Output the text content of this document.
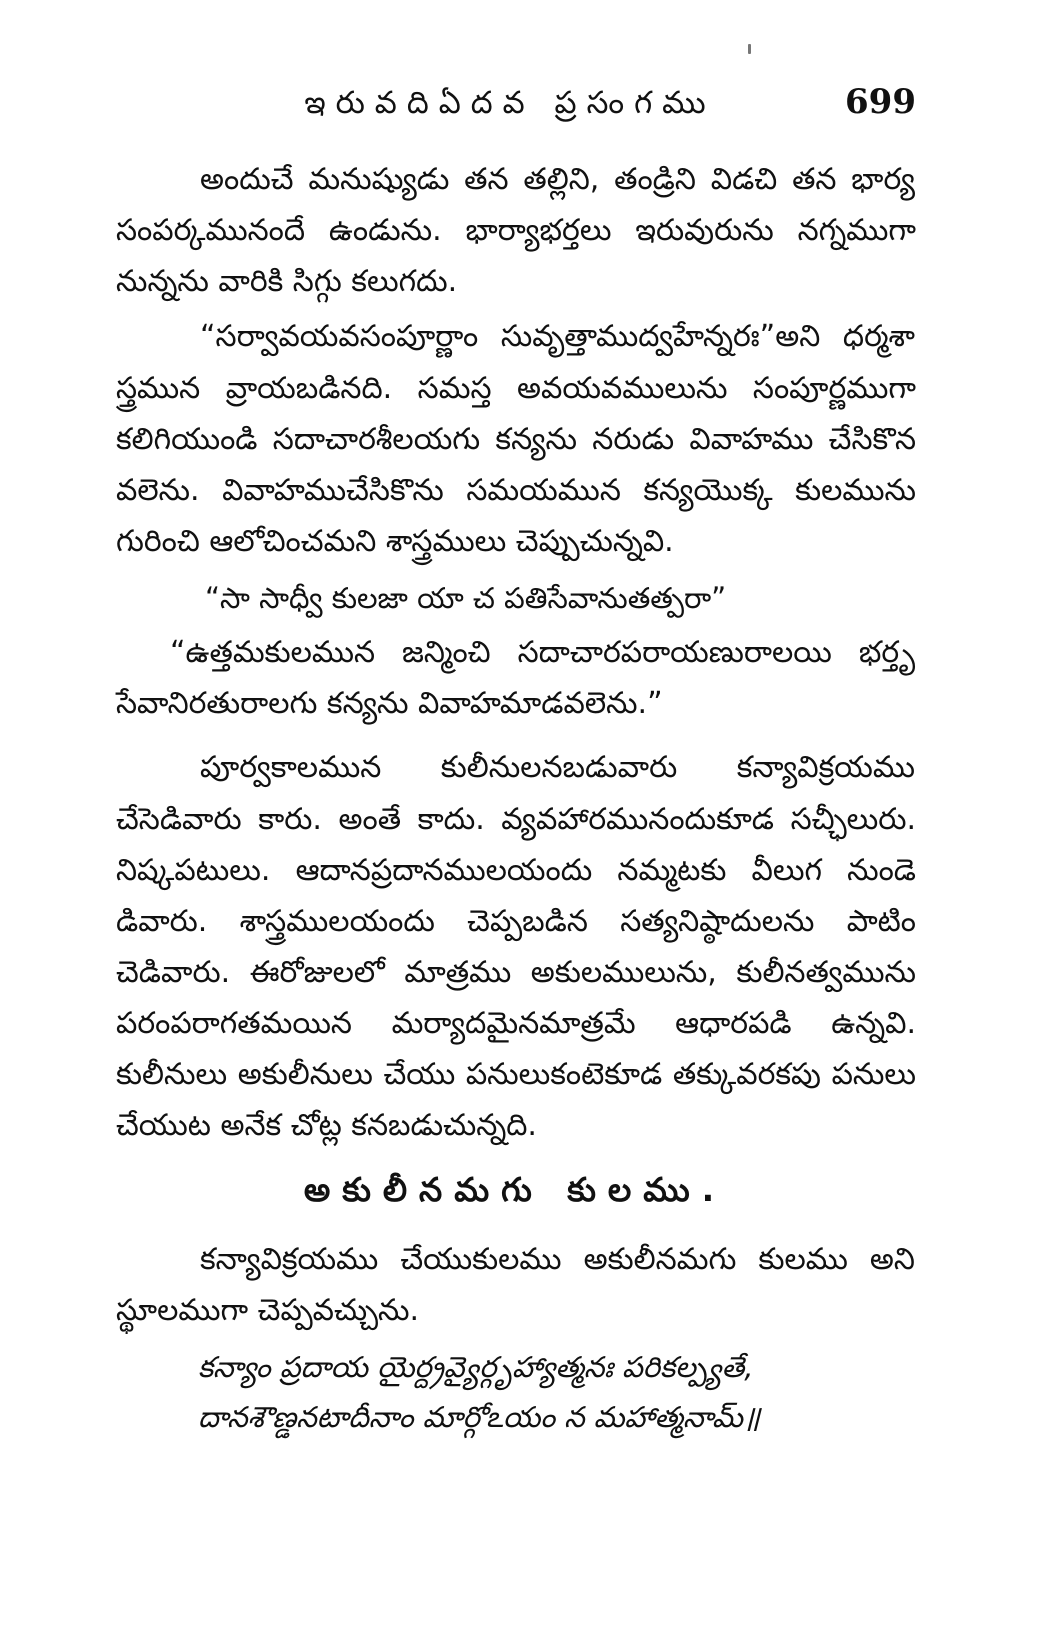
ఇరువదిఏదవ ప్రసంగము	699
అందుచే మనుష్యుడు తన తల్లిని, తండ్రిని విడచి తన భార్య
సంపర్కమునందే ఉండును. భార్యాభర్తలు ఇరువురును నగ్నముగా
నున్నను వారికి సిగ్గు కలుగదు.
“సర్వావయవసంపూర్ణాం సువృత్తాముద్వహేన్నరః”అని ధర్మశా
స్త్రమున వ్రాయబడినది. సమస్త అవయవములును సంపూర్ణముగా
కలిగియుండి సదాచారశీలయగు కన్యను నరుడు వివాహము చేసికొన
వలెను. వివాహముచేసికొను సమయమున కన్యయొక్క కులమును
గురించి ఆలోచించమని శాస్త్రములు చెప్పుచున్నవి.
“సా సాధ్వీ కులజా యా చ పతిసేవానుతత్పరా”
“ఉత్తమకులమున జన్మించి సదాచారపరాయణురాలయి భర్తృ
సేవానిరతురాలగు కన్యను వివాహమాడవలెను.”
పూర్వకాలమున కులీనులనబడువారు కన్యావిక్రయము
చేసెడివారు కారు. అంతే కాదు. వ్యవహారమునందుకూడ సచ్ఛీలురు.
నిష్కపటులు. ఆదానప్రదానములయందు నమ్మటకు వీలుగ నుండె
డివారు. శాస్త్రములయందు చెప్పబడిన సత్యనిష్ఠాదులను పాటిం
చెడివారు. ఈరోజులలో మాత్రము అకులములును, కులీనత్వమును
పరంపరాగతమయిన మర్యాదమైనమాత్రమే ఆధారపడి ఉన్నవి.
కులీనులు అకులీనులు చేయు పనులుకంటెకూడ తక్కువరకపు పనులు
చేయుట అనేక చోట్ల కనబడుచున్నది.
అకులీనమగు కులము.
కన్యావిక్రయము చేయుకులము అకులీనమగు కులము అని
స్థూలముగా చెప్పవచ్చును.
కన్యాం ప్రదాయ యైర్ద్రవ్యైర్గృహ్యాత్మనః పరికల్ప్యతే,
దానశౌణ్డనటాదీనాం మార్గోఽయం న మహాత్మనామ్॥
